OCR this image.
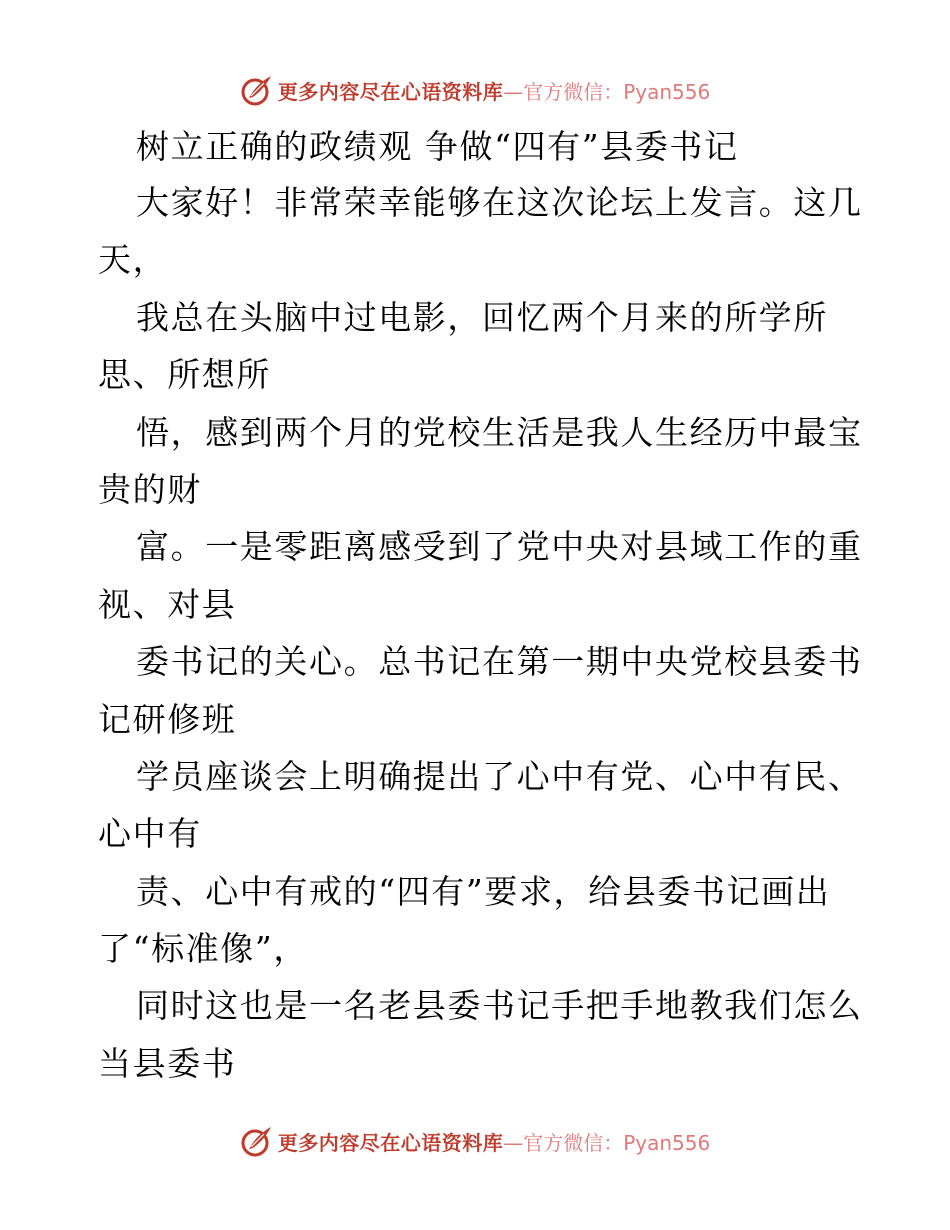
更多内容尽在心语资料库 —官方微信：Pyan556
树立正确的政绩观 争做“四有”县委书记
大家好！非常荣幸能够在这次论坛上发言。这几
天，
我总在头脑中过电影，回忆两个月来的所学所
思、所想所
悟，感到两个月的党校生活是我人生经历中最宝
贵的财
富。一是零距离感受到了党中央对县域工作的重
视、对县
委书记的关心。总书记在第一期中央党校县委书
记研修班
学员座谈会上明确提出了心中有党、心中有民、
心中有
责、心中有戒的“四有”要求，给县委书记画出
了“标准像”，
同时这也是一名老县委书记手把手地教我们怎么
当县委书
更多内容尽在心语资料库 —官方微信：Pyan556
